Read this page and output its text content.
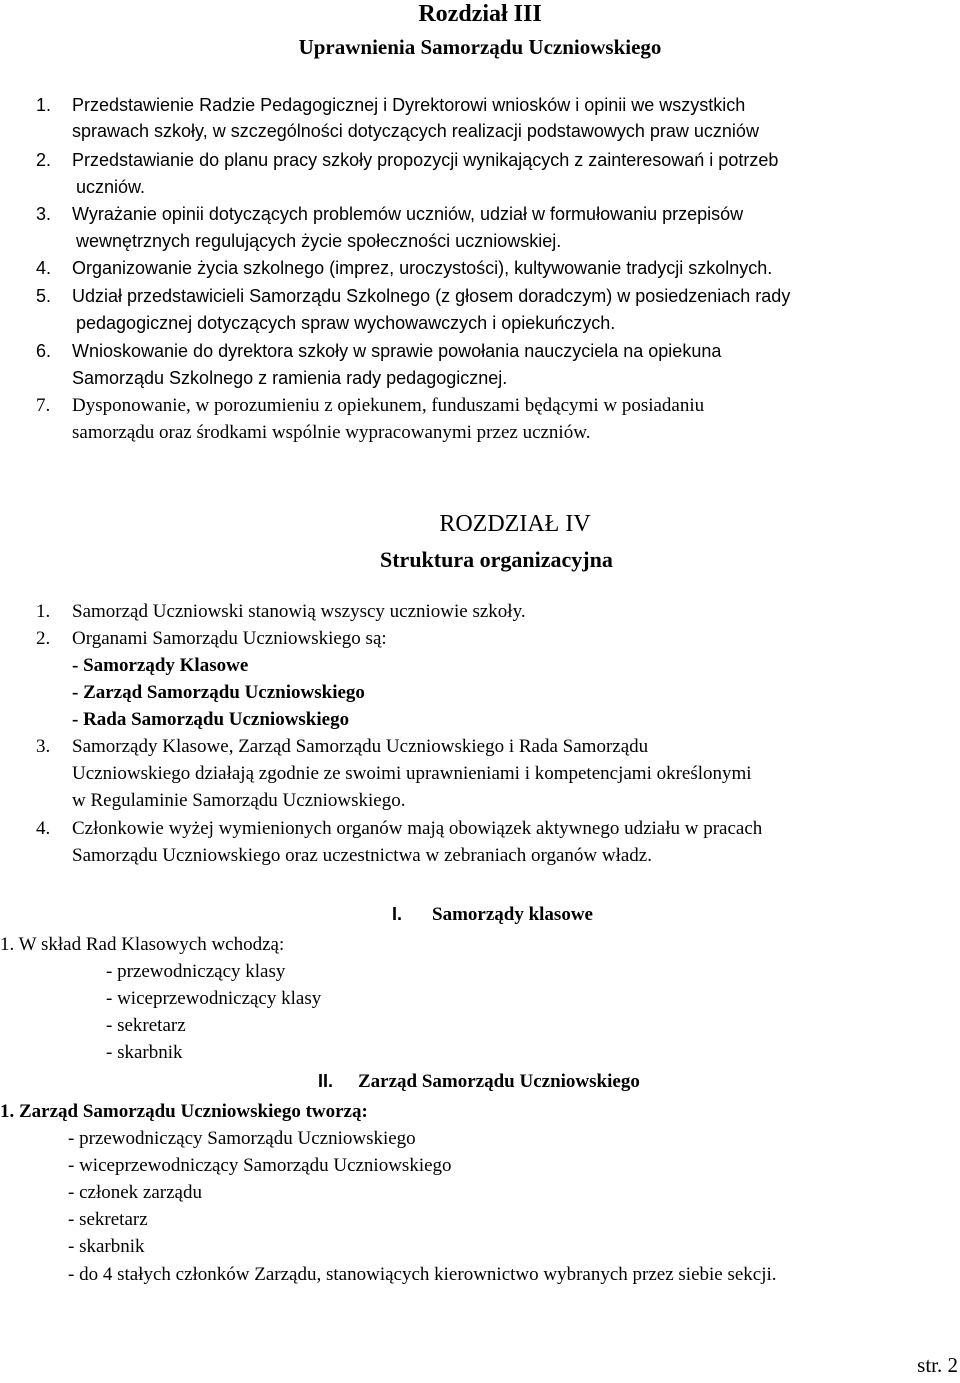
Rozdział III
Uprawnienia Samorządu Uczniowskiego
1. Przedstawienie Radzie Pedagogicznej i Dyrektorowi wniosków i opinii we wszystkich
sprawach szkoły, w szczególności dotyczących realizacji podstawowych praw uczniów
2. Przedstawianie do planu pracy szkoły propozycji wynikających z zainteresowań i potrzeb
uczniów.
3. Wyrażanie opinii dotyczących problemów uczniów, udział w formułowaniu przepisów
wewnętrznych regulujących życie społeczności uczniowskiej.
4. Organizowanie życia szkolnego (imprez, uroczystości), kultywowanie tradycji szkolnych.
5. Udział przedstawicieli Samorządu Szkolnego (z głosem doradczym) w posiedzeniach rady
pedagogicznej dotyczących spraw wychowawczych i opiekuńczych.
6. Wnioskowanie do dyrektora szkoły w sprawie powołania nauczyciela na opiekuna
Samorządu Szkolnego z ramienia rady pedagogicznej.
7. Dysponowanie, w porozumieniu z opiekunem, funduszami będącymi w posiadaniu
samorządu oraz środkami wspólnie wypracowanymi przez uczniów.
ROZDZIAŁ IV
Struktura organizacyjna
1. Samorząd Uczniowski stanowią wszyscy uczniowie szkoły.
2. Organami Samorządu Uczniowskiego są:
- Samorządy Klasowe
- Zarząd Samorządu Uczniowskiego
- Rada Samorządu Uczniowskiego
3. Samorządy Klasowe, Zarząd Samorządu Uczniowskiego i Rada Samorządu
Uczniowskiego działają zgodnie ze swoimi uprawnieniami i kompetencjami określonymi
w Regulaminie Samorządu Uczniowskiego.
4. Członkowie wyżej wymienionych organów mają obowiązek aktywnego udziału w pracach
Samorządu Uczniowskiego oraz uczestnictwa w zebraniach organów władz.
I. Samorządy klasowe
1. W skład Rad Klasowych wchodzą:
- przewodniczący klasy
- wiceprzewodniczący klasy
- sekretarz
- skarbnik
II. Zarząd Samorządu Uczniowskiego
1. Zarząd Samorządu Uczniowskiego tworzą:
- przewodniczący Samorządu Uczniowskiego
- wiceprzewodniczący Samorządu Uczniowskiego
- członek zarządu
- sekretarz
- skarbnik
- do 4 stałych członków Zarządu, stanowiących kierownictwo wybranych przez siebie sekcji.
str. 2
